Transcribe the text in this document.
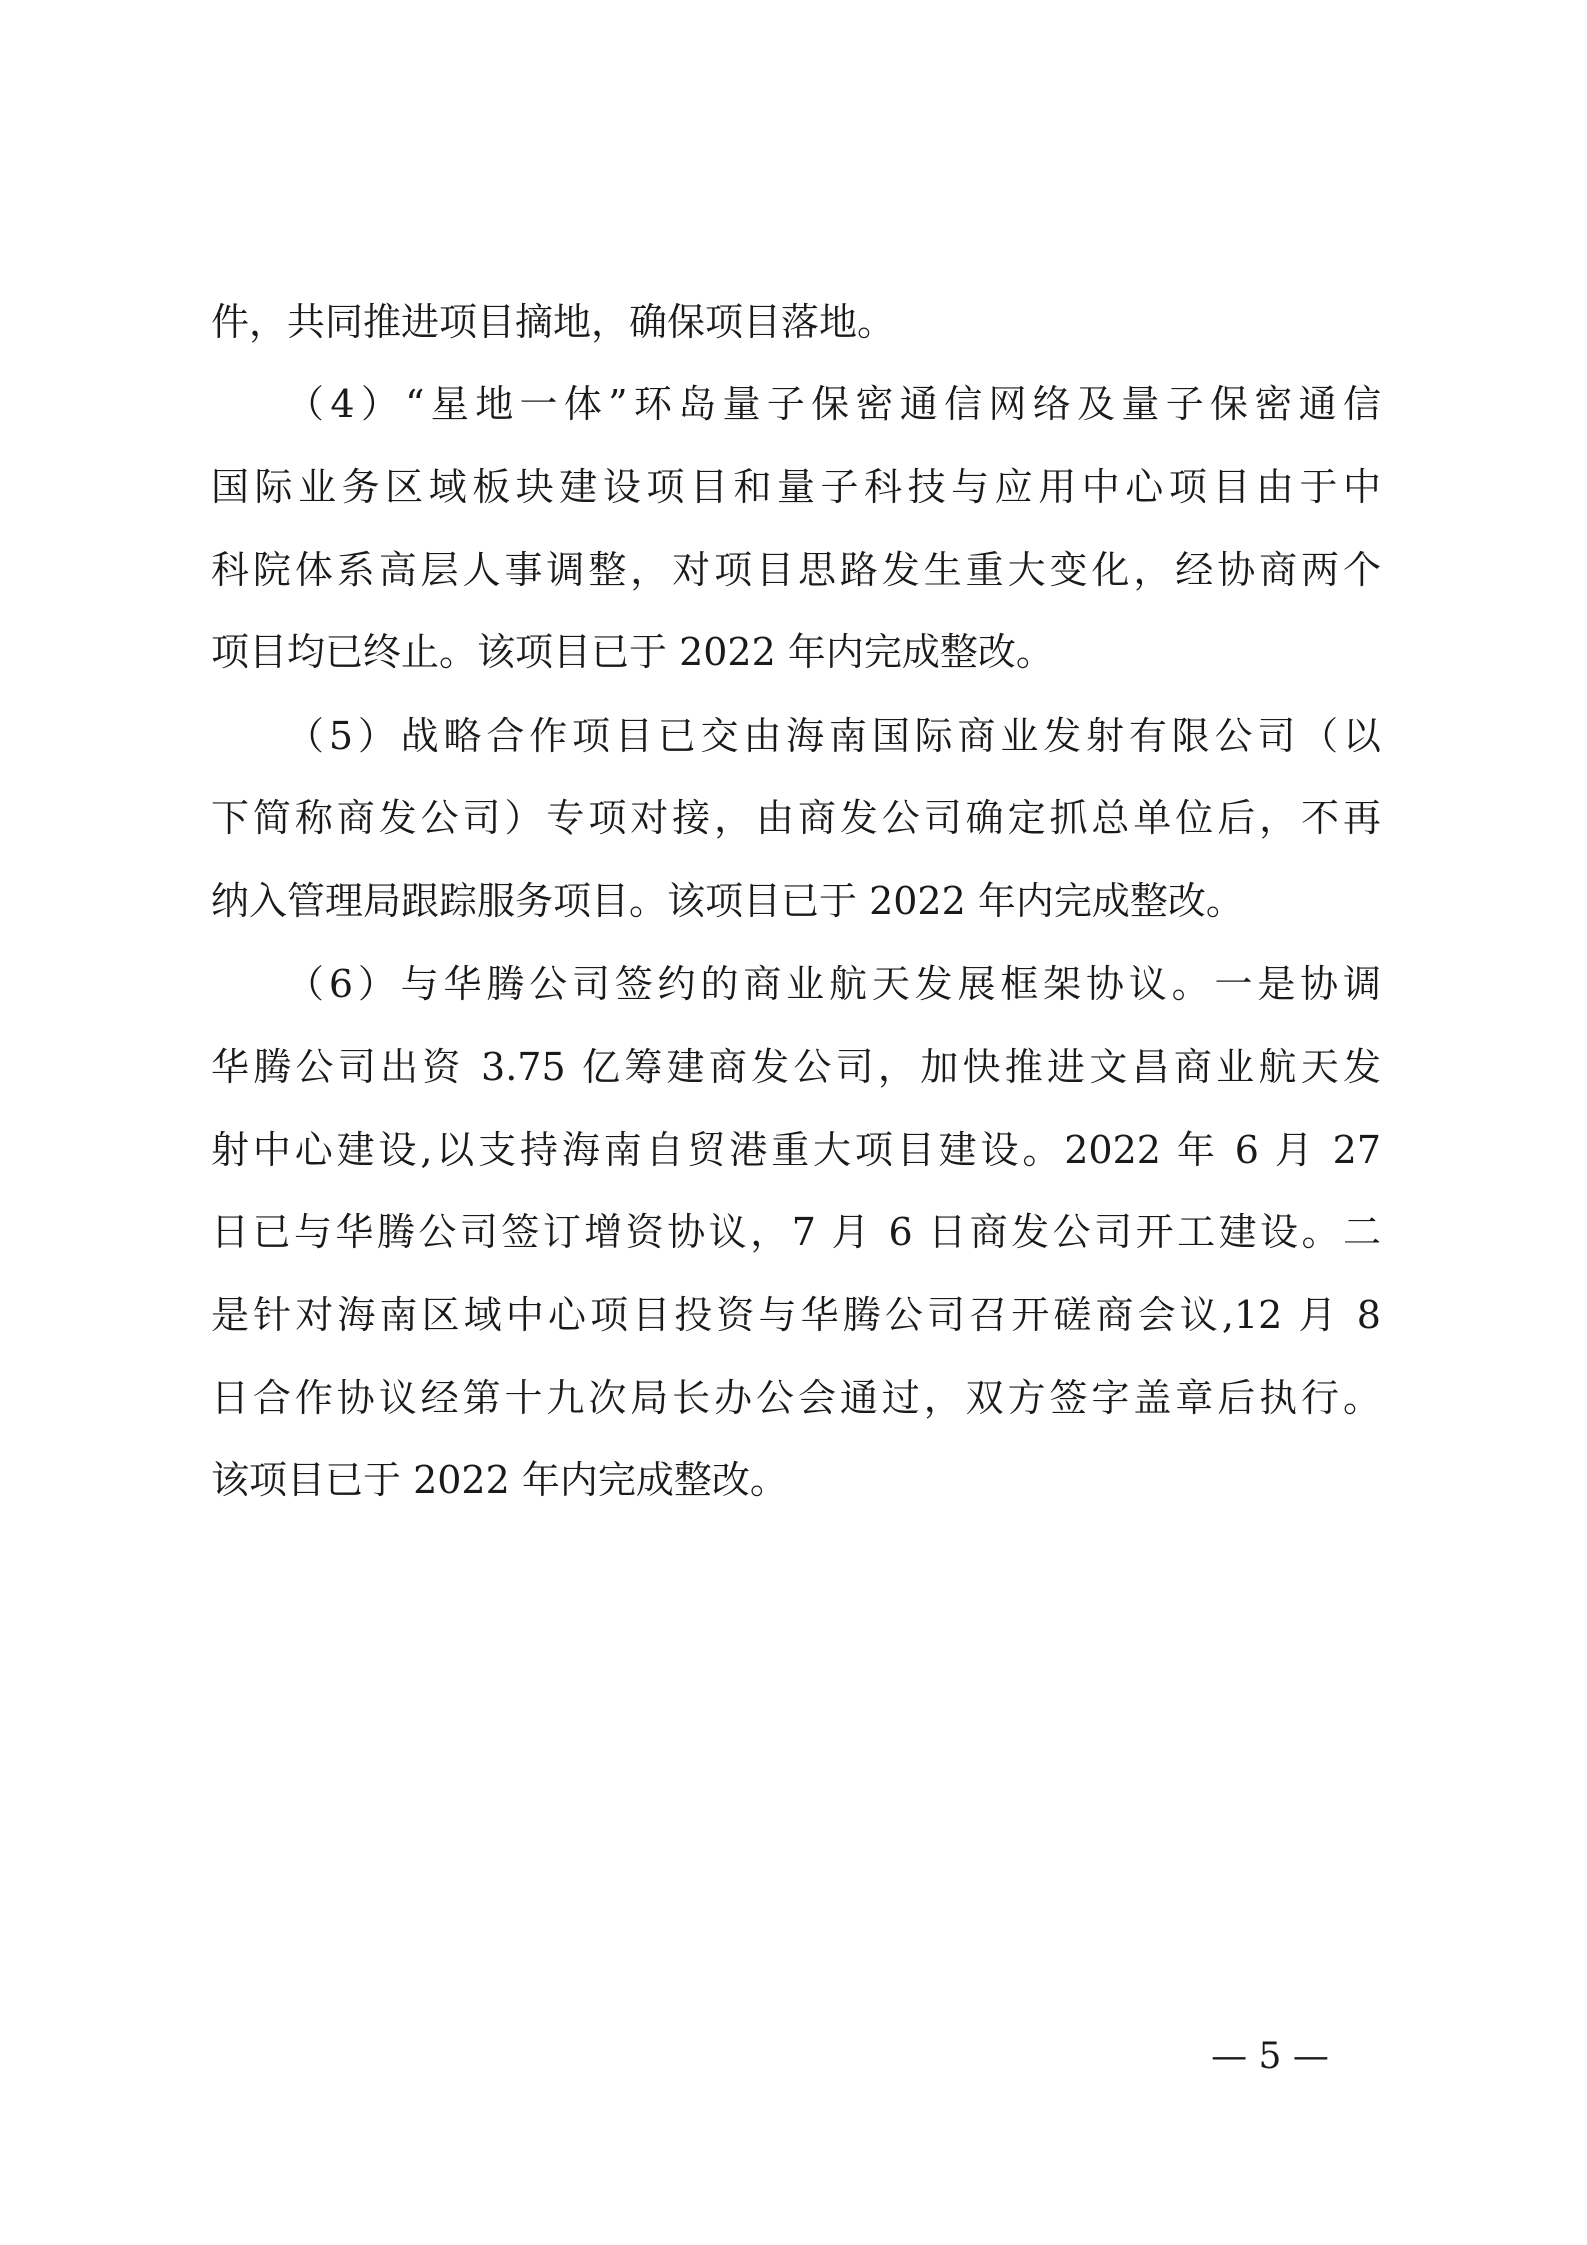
件，共同推进项目摘地，确保项目落地。
（4）“星地一体”环岛量子保密通信网络及量子保密通信
国际业务区域板块建设项目和量子科技与应用中心项目由于中
科院体系高层人事调整，对项目思路发生重大变化，经协商两个
项目均已终止。该项目已于 2022 年内完成整改。
（5）战略合作项目已交由海南国际商业发射有限公司（以
下简称商发公司）专项对接，由商发公司确定抓总单位后，不再
纳入管理局跟踪服务项目。该项目已于 2022 年内完成整改。
（6）与华腾公司签约的商业航天发展框架协议。一是协调
华腾公司出资 3.75 亿筹建商发公司，加快推进文昌商业航天发
射中心建设,以支持海南自贸港重大项目建设。2022 年 6 月 27
日已与华腾公司签订增资协议，7 月 6 日商发公司开工建设。二
是针对海南区域中心项目投资与华腾公司召开磋商会议,12 月 8
日合作协议经第十九次局长办公会通过，双方签字盖章后执行。
该项目已于 2022 年内完成整改。
— 5 —
